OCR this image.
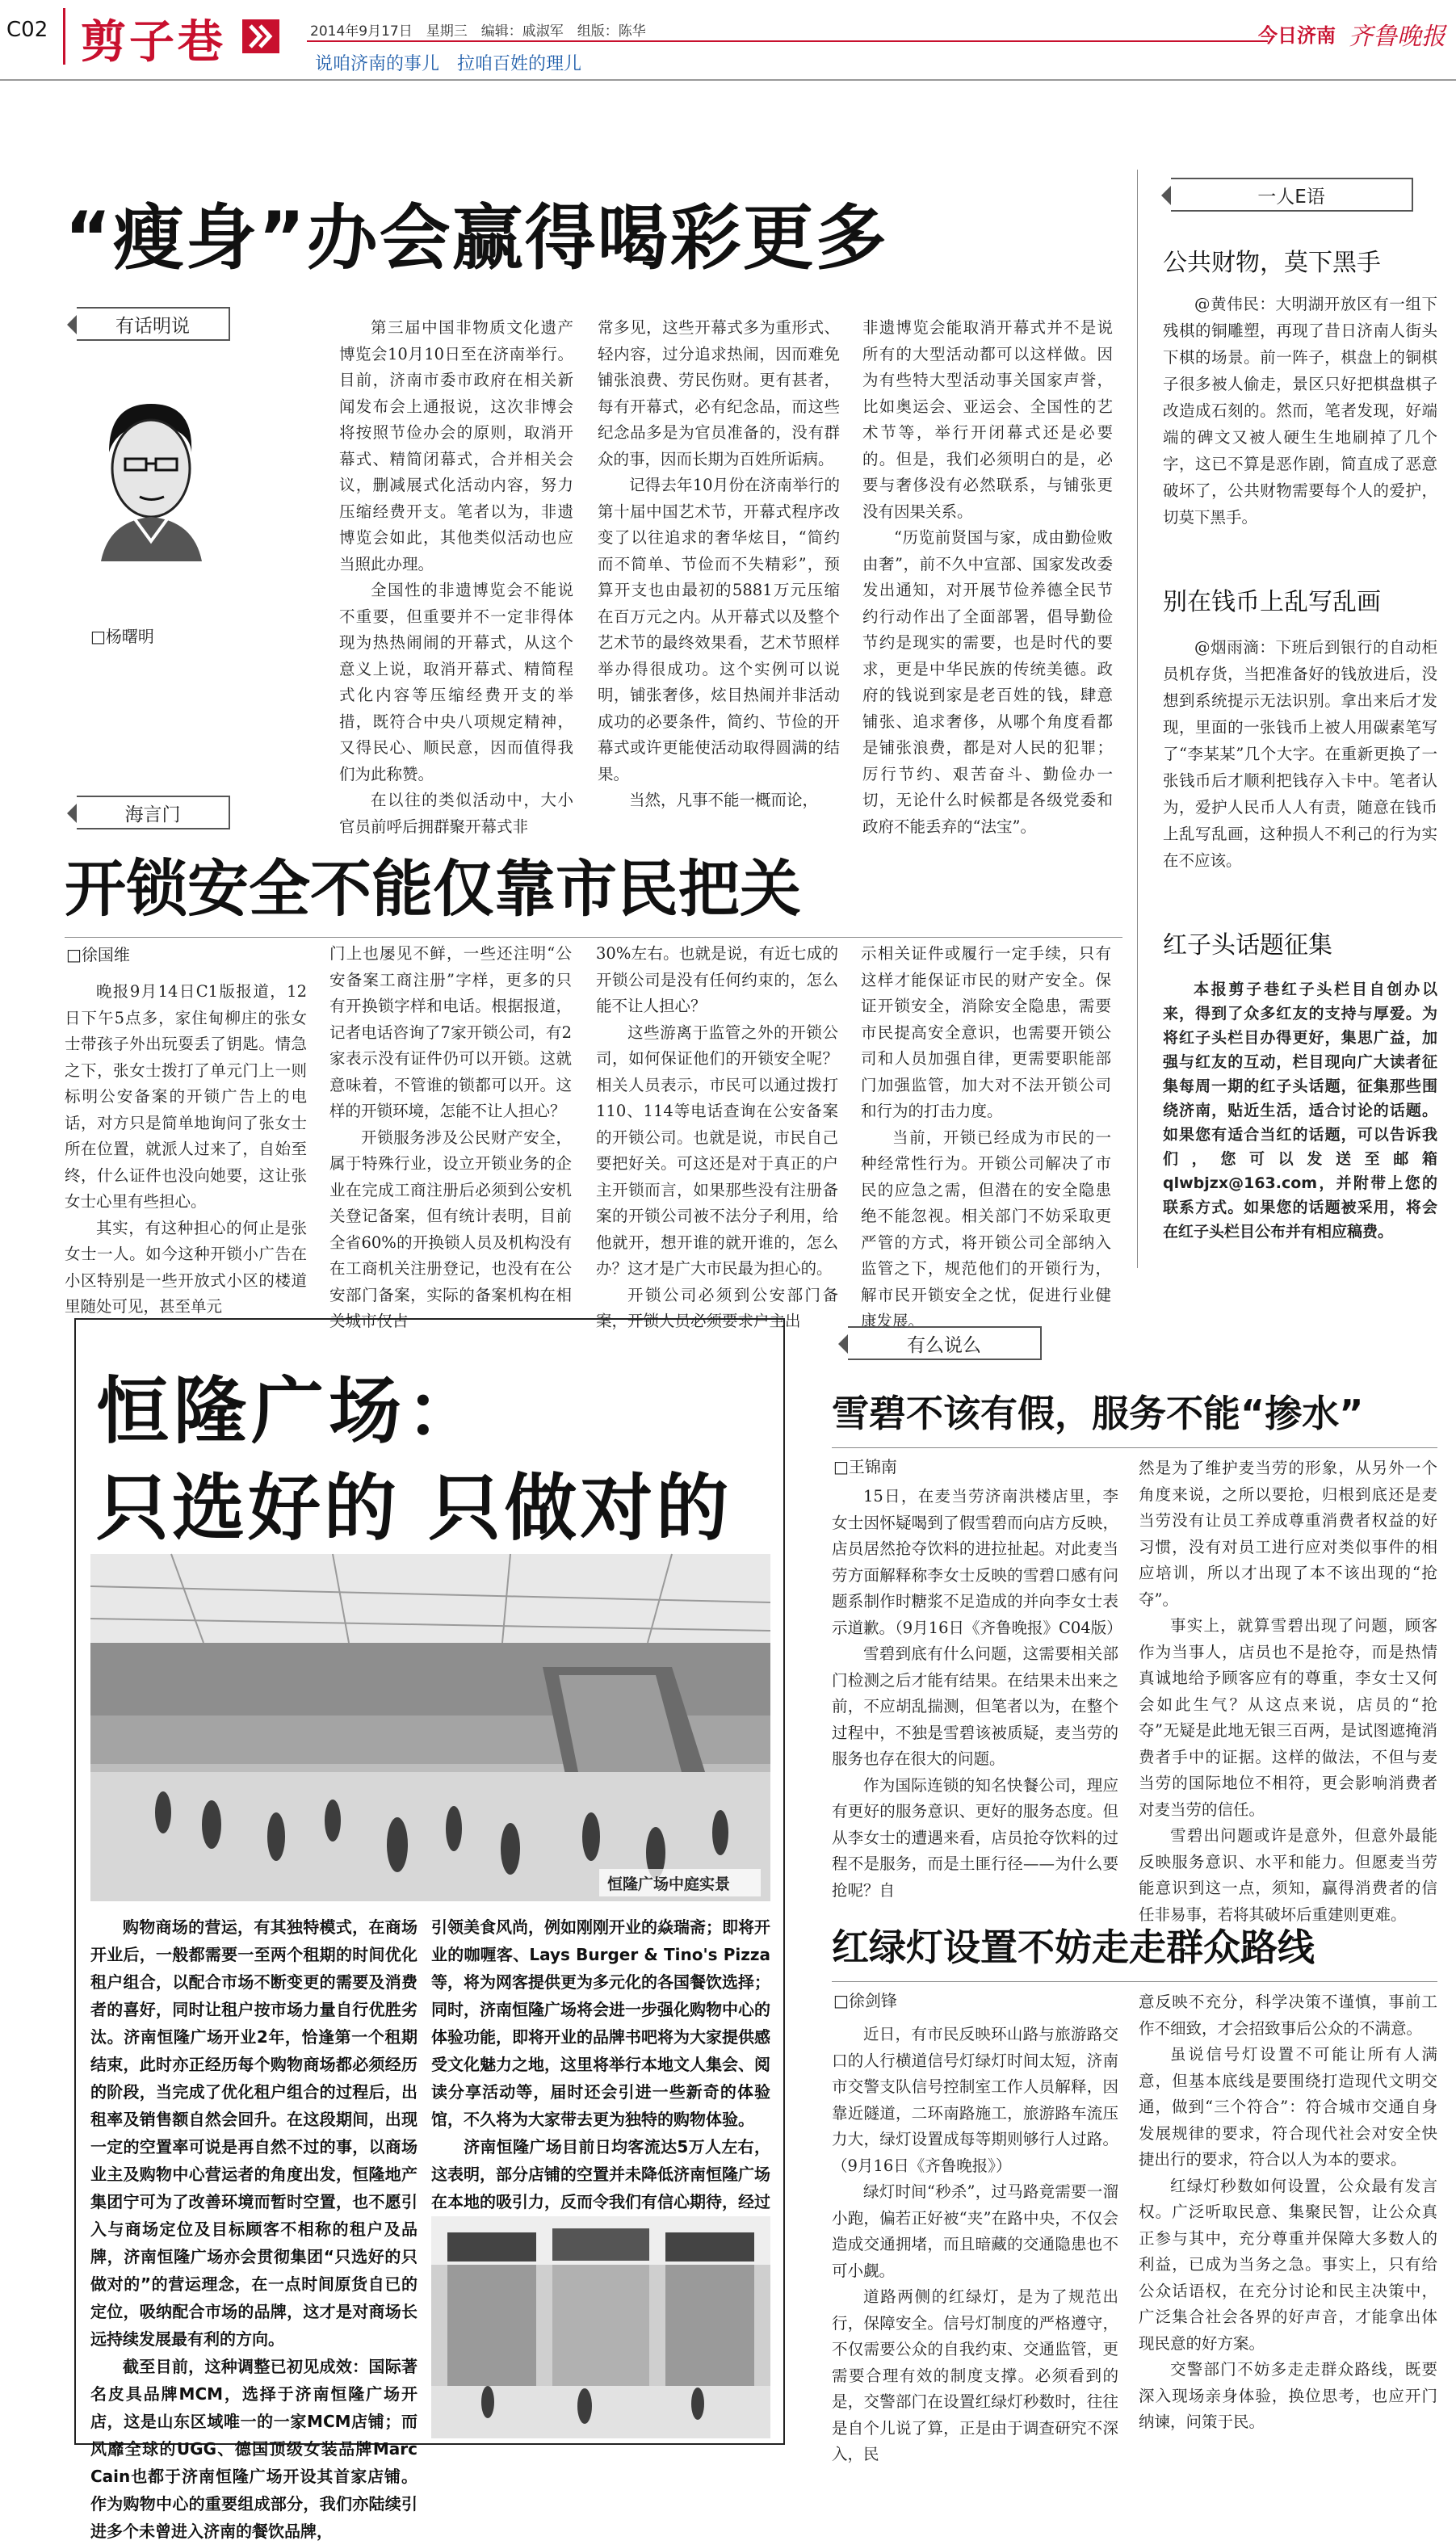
C02 剪子巷	2014年9月17日　星期三　编辑：戚淑军　组版：陈华
说咱济南的事儿　拉咱百姓的理儿
今日济南 齐鲁晚报
“瘦身”办会赢得喝彩更多
有话明说
□杨曙明

第三届中国非物质文化遗产博览会10月10日至在济南举行。目前，济南市委市政府在相关新闻发布会上通报说，这次非博会将按照节俭办会的原则，取消开幕式、精简闭幕式，合并相关会议，删减展式化活动内容，努力压缩经费开支。笔者以为，非遗博览会如此，其他类似活动也应当照此办理。

全国性的非遗博览会不能说不重要，但重要并不一定非得体现为热热闹闹的开幕式，从这个意义上说，取消开幕式、精简程式化内容等压缩经费开支的举措，既符合中央八项规定精神，又得民心、顺民意，因而值得我们为此称赞。

在以往的类似活动中，大小官员前呼后拥群聚开幕式非

常多见，这些开幕式多为重形式、轻内容，过分追求热闹，因而难免铺张浪费、劳民伤财。更有甚者，每有开幕式，必有纪念品，而这些纪念品多是为官员准备的，没有群众的事，因而长期为百姓所诟病。

记得去年10月份在济南举行的第十届中国艺术节，开幕式程序改变了以往追求的奢华炫目，“简约而不简单、节俭而不失精彩”，预算开支也由最初的5881万元压缩在百万元之内。从开幕式以及整个艺术节的最终效果看，艺术节照样举办得很成功。这个实例可以说明，铺张奢侈，炫目热闹并非活动成功的必要条件，简约、节俭的开幕式或许更能使活动取得圆满的结果。

当然，凡事不能一概而论，

非遗博览会能取消开幕式并不是说所有的大型活动都可以这样做。因为有些特大型活动事关国家声誉，比如奥运会、亚运会、全国性的艺术节等，举行开闭幕式还是必要的。但是，我们必须明白的是，必要与奢侈没有必然联系，与铺张更没有因果关系。

“历览前贤国与家，成由勤俭败由奢”，前不久中宣部、国家发改委发出通知，对开展节俭养德全民节约行动作出了全面部署，倡导勤俭节约是现实的需要，也是时代的要求，更是中华民族的传统美德。政府的钱说到家是老百姓的钱，肆意铺张、追求奢侈，从哪个角度看都是铺张浪费，都是对人民的犯罪；厉行节约、艰苦奋斗、勤俭办一切，无论什么时候都是各级党委和政府不能丢弃的“法宝”。

一人E语
公共财物，莫下黑手

@黄伟民：大明湖开放区有一组下残棋的铜雕塑，再现了昔日济南人街头下棋的场景。前一阵子，棋盘上的铜棋子很多被人偷走，景区只好把棋盘棋子改造成石刻的。然而，笔者发现，好端端的碑文又被人硬生生地刷掉了几个字，这已不算是恶作剧，简直成了恶意破坏了，公共财物需要每个人的爱护，切莫下黑手。

别在钱币上乱写乱画

@烟雨滴：下班后到银行的自动柜员机存货，当把准备好的钱放进后，没想到系统提示无法识别。拿出来后才发现，里面的一张钱币上被人用碳素笔写了“李某某”几个大字。在重新更换了一张钱币后才顺利把钱存入卡中。笔者认为，爱护人民币人人有责，随意在钱币上乱写乱画，这种损人不利己的行为实在不应该。

红子头话题征集

本报剪子巷红子头栏目自创办以来，得到了众多红友的支持与厚爱。为将红子头栏目办得更好，集思广益，加强与红友的互动，栏目现向广大读者征集每周一期的红子头话题，征集那些围绕济南，贴近生活，适合讨论的话题。如果您有适合当红的话题，可以告诉我们，您可以发送至邮箱qlwbjzx@163.com，并附带上您的联系方式。如果您的话题被采用，将会在红子头栏目公布并有相应稿费。

海言门
开锁安全不能仅靠市民把关
□徐国维

晚报9月14日C1版报道，12日下午5点多，家住甸柳庄的张女士带孩子外出玩耍丢了钥匙。情急之下，张女士拨打了单元门上一则标明公安备案的开锁广告上的电话，对方只是简单地询问了张女士所在位置，就派人过来了，自始至终，什么证件也没向她要，这让张女士心里有些担心。

其实，有这种担心的何止是张女士一人。如今这种开锁小广告在小区特别是一些开放式小区的楼道里随处可见，甚至单元

门上也屡见不鲜，一些还注明“公安备案工商注册”字样，更多的只有开换锁字样和电话。根据报道，记者电话咨询了7家开锁公司，有2家表示没有证件仍可以开锁。这就意味着，不管谁的锁都可以开。这样的开锁环境，怎能不让人担心？

开锁服务涉及公民财产安全，属于特殊行业，设立开锁业务的企业在完成工商注册后必须到公安机关登记备案，但有统计表明，目前全省60%的开换锁人员及机构没有在工商机关注册登记，也没有在公安部门备案，实际的备案机构在相关城市仅占

30%左右。也就是说，有近七成的开锁公司是没有任何约束的，怎么能不让人担心？

这些游离于监管之外的开锁公司，如何保证他们的开锁安全呢？相关人员表示，市民可以通过拨打110、114等电话查询在公安备案的开锁公司。也就是说，市民自己要把好关。可这还是对于真正的户主开锁而言，如果那些没有注册备案的开锁公司被不法分子利用，给他就开，想开谁的就开谁的，怎么办？这才是广大市民最为担心的。

开锁公司必须到公安部门备案，开锁人员必须要求户主出

示相关证件或履行一定手续，只有这样才能保证市民的财产安全。保证开锁安全，消除安全隐患，需要市民提高安全意识，也需要开锁公司和人员加强自律，更需要职能部门加强监管，加大对不法开锁公司和行为的打击力度。

当前，开锁已经成为市民的一种经常性行为。开锁公司解决了市民的应急之需，但潜在的安全隐患绝不能忽视。相关部门不妨采取更严管的方式，将开锁公司全部纳入监管之下，规范他们的开锁行为，解市民开锁安全之忧，促进行业健康发展。

恒隆广场：
只选好的 只做对的
恒隆广场中庭实景

购物商场的营运，有其独特模式，在商场开业后，一般都需要一至两个租期的时间优化租户组合，以配合市场不断变更的需要及消费者的喜好，同时让租户按市场力量自行优胜劣汰。济南恒隆广场开业2年，恰逢第一个租期结束，此时亦正经历每个购物商场都必须经历的阶段，当完成了优化租户组合的过程后，出租率及销售额自然会回升。在这段期间，出现一定的空置率可说是再自然不过的事，以商场业主及购物中心营运者的角度出发，恒隆地产集团宁可为了改善环境而暂时空置，也不愿引入与商场定位及目标顾客不相称的租户及品牌，济南恒隆广场亦会贯彻集团“只选好的只做对的”的营运理念，在一点时间原货自已的定位，吸纳配合市场的品牌，这才是对商场长远持续发展最有利的方向。

截至目前，这种调整已初见成效：国际著名皮具品牌MCM，选择于济南恒隆广场开店，这是山东区域唯一的一家MCM店铺；而风靡全球的UGG、德国顶级女装品牌Marc Cain也都于济南恒隆广场开设其首家店铺。作为购物中心的重要组成部分，我们亦陆续引进多个未曾进入济南的餐饮品牌，

引领美食风尚，例如刚刚开业的焱瑞斋；即将开业的咖喱客、Lays Burger & Tino's Pizza等，将为网客提供更为多元化的各国餐饮选择；同时，济南恒隆广场将会进一步强化购物中心的体验功能，即将开业的品牌书吧将为大家提供感受文化魅力之地，这里将举行本地文人集会、阅读分享活动等，届时还会引进一些新奇的体验馆，不久将为大家带去更为独特的购物体验。

济南恒隆广场目前日均客流达5万人左右，这表明，部分店铺的空置并未降低济南恒隆广场在本地的吸引力，反而令我们有信心期待，经过

有么说么
雪碧不该有假，服务不能“掺水”
□王锦南

15日，在麦当劳济南洪楼店里，李女士因怀疑喝到了假雪碧而向店方反映，店员居然抢夺饮料的进拉扯起。对此麦当劳方面解释称李女士反映的雪碧口感有问题系制作时糖浆不足造成的并向李女士表示道歉。（9月16日《齐鲁晚报》C04版）

雪碧到底有什么问题，这需要相关部门检测之后才能有结果。在结果未出来之前，不应胡乱揣测，但笔者以为，在整个过程中，不独是雪碧该被质疑，麦当劳的服务也存在很大的问题。

作为国际连锁的知名快餐公司，理应有更好的服务意识、更好的服务态度。但从李女士的遭遇来看，店员抢夺饮料的过程不是服务，而是土匪行径——为什么要抢呢？自

然是为了维护麦当劳的形象，从另外一个角度来说，之所以要抢，归根到底还是麦当劳没有让员工养成尊重消费者权益的好习惯，没有对员工进行应对类似事件的相应培训，所以才出现了本不该出现的“抢夺”。

事实上，就算雪碧出现了问题，顾客作为当事人，店员也不是抢夺，而是热情真诚地给予顾客应有的尊重，李女士又何会如此生气？从这点来说，店员的“抢夺”无疑是此地无银三百两，是试图遮掩消费者手中的证据。这样的做法，不但与麦当劳的国际地位不相符，更会影响消费者对麦当劳的信任。

雪碧出问题或许是意外，但意外最能反映服务意识、水平和能力。但愿麦当劳能意识到这一点，须知，赢得消费者的信任非易事，若将其破坏后重建则更难。

红绿灯设置不妨走走群众路线
□徐剑锋

近日，有市民反映环山路与旅游路交口的人行横道信号灯绿灯时间太短，济南市交警支队信号控制室工作人员解释，因靠近隧道，二环南路施工，旅游路车流压力大，绿灯设置成每等期则够行人过路。（9月16日《齐鲁晚报》）

绿灯时间“秒杀”，过马路竟需要一溜小跑，偏若正好被“夹”在路中央，不仅会造成交通拥堵，而且暗藏的交通隐患也不可小觑。

道路两侧的红绿灯，是为了规范出行，保障安全。信号灯制度的严格遵守，不仅需要公众的自我约束、交通监管，更需要合理有效的制度支撑。必须看到的是，交警部门在设置红绿灯秒数时，往往是自个儿说了算，正是由于调查研究不深入，民

意反映不充分，科学决策不谨慎，事前工作不细致，才会招致事后公众的不满意。

虽说信号灯设置不可能让所有人满意，但基本底线是要围绕打造现代文明交通，做到“三个符合”：符合城市交通自身发展规律的要求，符合现代社会对安全快捷出行的要求，符合以人为本的要求。

红绿灯秒数如何设置，公众最有发言权。广泛听取民意、集聚民智，让公众真正参与其中，充分尊重并保障大多数人的利益，已成为当务之急。事实上，只有给公众话语权，在充分讨论和民主决策中，广泛集合社会各界的好声音，才能拿出体现民意的好方案。

交警部门不妨多走走群众路线，既要深入现场亲身体验，换位思考，也应开门纳谏，问策于民。
